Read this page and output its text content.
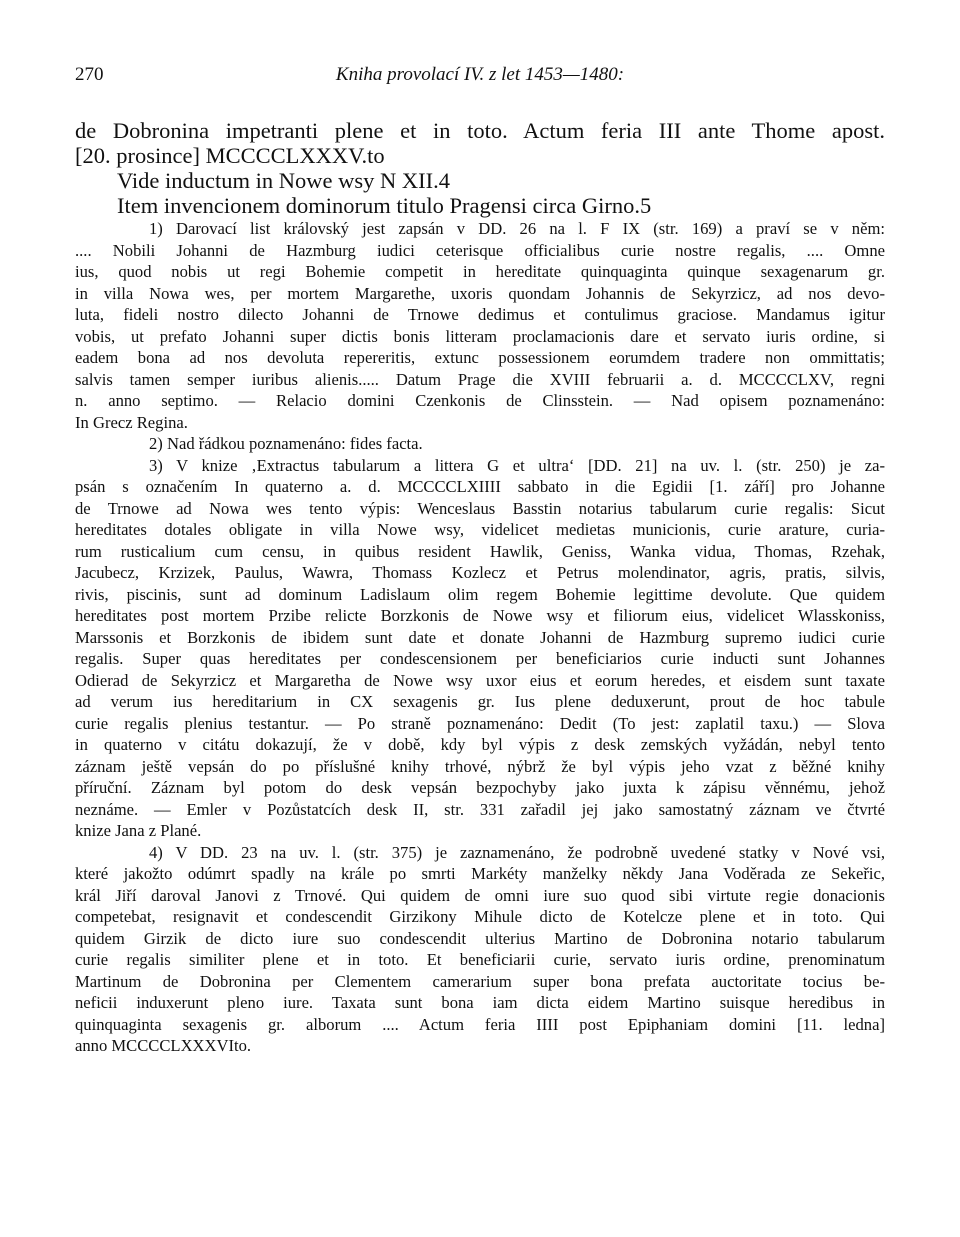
270	Kniha provolací IV. z let 1453—1480:
de Dobronina impetranti plene et in toto. Actum feria III ante Thome apost.
[20. prosince] MCCCCLXXXV.to
Vide inductum in Nowe wsy N XII.4
Item invencionem dominorum titulo Pragensi circa Girno.5
1) Darovací list královský jest zapsán v DD. 26 na l. F IX (str. 169) a praví se v něm:
.... Nobili Johanni de Hazmburg iudici ceterisque officialibus curie nostre regalis, .... Omne
ius, quod nobis ut regi Bohemie competit in hereditate quinquaginta quinque sexagenarum gr.
in villa Nowa wes, per mortem Margarethe, uxoris quondam Johannis de Sekyrzicz, ad nos devo-
luta, fideli nostro dilecto Johanni de Trnowe dedimus et contulimus graciose. Mandamus igitur
vobis, ut prefato Johanni super dictis bonis litteram proclamacionis dare et servato iuris ordine, si
eadem bona ad nos devoluta repereritis, extunc possessionem eorumdem tradere non ommittatis;
salvis tamen semper iuribus alienis..... Datum Prage die XVIII februarii a. d. MCCCCLXV, regni
n. anno septimo. — Relacio domini Czenkonis de Clinsstein. — Nad opisem poznamenáno:
In Grecz Regina.
2) Nad řádkou poznamenáno: fides facta.
3) V knize ‚Extractus tabularum a littera G et ultra‘ [DD. 21] na uv. l. (str. 250) je za-
psán s označením In quaterno a. d. MCCCCLXIIII sabbato in die Egidii [1. září] pro Johanne
de Trnowe ad Nowa wes tento výpis: Wenceslaus Basstin notarius tabularum curie regalis: Sicut
hereditates dotales obligate in villa Nowe wsy, videlicet medietas municionis, curie arature, curia-
rum rusticalium cum censu, in quibus resident Hawlik, Geniss, Wanka vidua, Thomas, Rzehak,
Jacubecz, Krzizek, Paulus, Wawra, Thomass Kozlecz et Petrus molendinator, agris, pratis, silvis,
rivis, piscinis, sunt ad dominum Ladislaum olim regem Bohemie legittime devolute. Que quidem
hereditates post mortem Przibe relicte Borzkonis de Nowe wsy et filiorum eius, videlicet Wlasskoniss,
Marssonis et Borzkonis de ibidem sunt date et donate Johanni de Hazmburg supremo iudici curie
regalis. Super quas hereditates per condescensionem per beneficiarios curie inducti sunt Johannes
Odierad de Sekyrzicz et Margaretha de Nowe wsy uxor eius et eorum heredes, et eisdem sunt taxate
ad verum ius hereditarium in CX sexagenis gr. Ius plene deduxerunt, prout de hoc tabule
curie regalis plenius testantur. — Po straně poznamenáno: Dedit (To jest: zaplatil taxu.) — Slova
in quaterno v citátu dokazují, že v době, kdy byl výpis z desk zemských vyžádán, nebyl tento
záznam ještě vepsán do po příslušné knihy trhové, nýbrž že byl výpis jeho vzat z běžné knihy
příruční. Záznam byl potom do desk vepsán bezpochyby jako juxta k zápisu věnnému, jehož
neznáme. — Emler v Pozůstatcích desk II, str. 331 zařadil jej jako samostatný záznam ve čtvrté
knize Jana z Plané.
4) V DD. 23 na uv. l. (str. 375) je zaznamenáno, že podrobně uvedené statky v Nové vsi,
které jakožto odúmrt spadly na krále po smrti Markéty manželky někdy Jana Voděrada ze Sekeřic,
král Jiří daroval Janovi z Trnové. Qui quidem de omni iure suo quod sibi virtute regie donacionis
competebat, resignavit et condescendit Girzikony Mihule dicto de Kotelcze plene et in toto. Qui
quidem Girzik de dicto iure suo condescendit ulterius Martino de Dobronina notario tabularum
curie regalis similiter plene et in toto. Et beneficiarii curie, servato iuris ordine, prenominatum
Martinum de Dobronina per Clementem camerarium super bona prefata auctoritate tocius be-
neficii induxerunt pleno iure. Taxata sunt bona iam dicta eidem Martino suisque heredibus in
quinquaginta sexagenis gr. alborum .... Actum feria IIII post Epiphaniam domini [11. ledna]
anno MCCCCLXXXVIto.
